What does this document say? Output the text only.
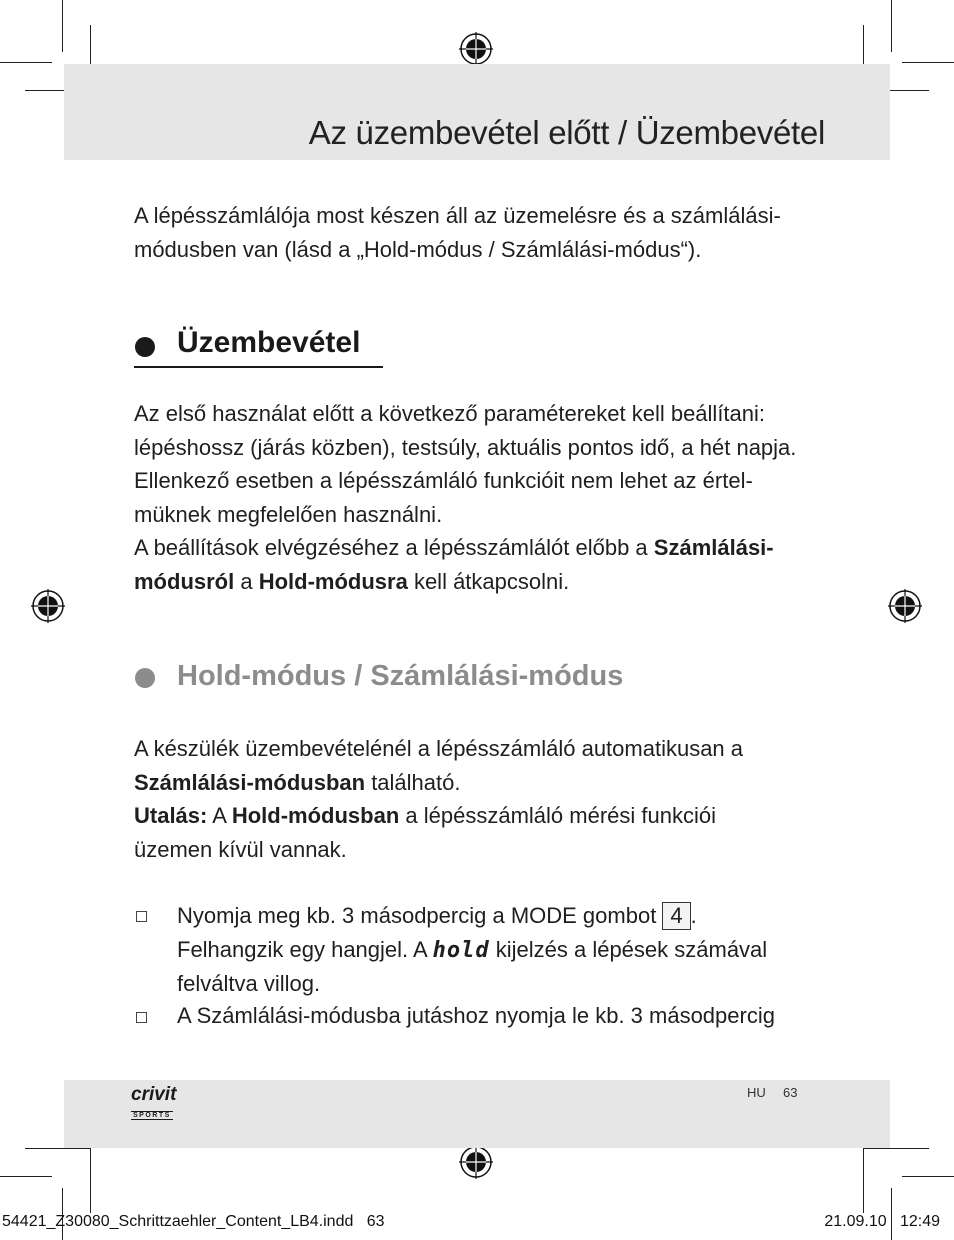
Az üzembevétel előtt / Üzembevétel
A lépésszámlálója most készen áll az üzemelésre és a számlálási-
módusben van (lásd a „Hold-módus / Számlálási-módus“).
Üzembevétel
Az első használat előtt a következő paramétereket kell beállítani:
lépéshossz (járás közben), testsúly, aktuális pontos idő, a hét napja.
Ellenkező esetben a lépésszámláló funkcióit nem lehet az értel-
müknek megfelelően használni.
A beállítások elvégzéséhez a lépésszámlálót előbb a Számlálási-
módusról a Hold-módusra kell átkapcsolni.
Hold-módus / Számlálási-módus
A készülék üzembevételénél a lépésszámláló automatikusan a
Számlálási-módusban található.
Utalás: A Hold-módusban a lépésszámláló mérési funkciói
üzemen kívül vannak.
Nyomja meg kb. 3 másodpercig a MODE gombot 4 .
Felhangzik egy hangjel. A hold kijelzés a lépések számával
felváltva villog.
A Számlálási-módusba jutáshoz nyomja le kb. 3 másodpercig
crivit
SPORTS
HU 63
54421_Z30080_Schrittzaehler_Content_LB4.indd   63	21.09.10   12:49
